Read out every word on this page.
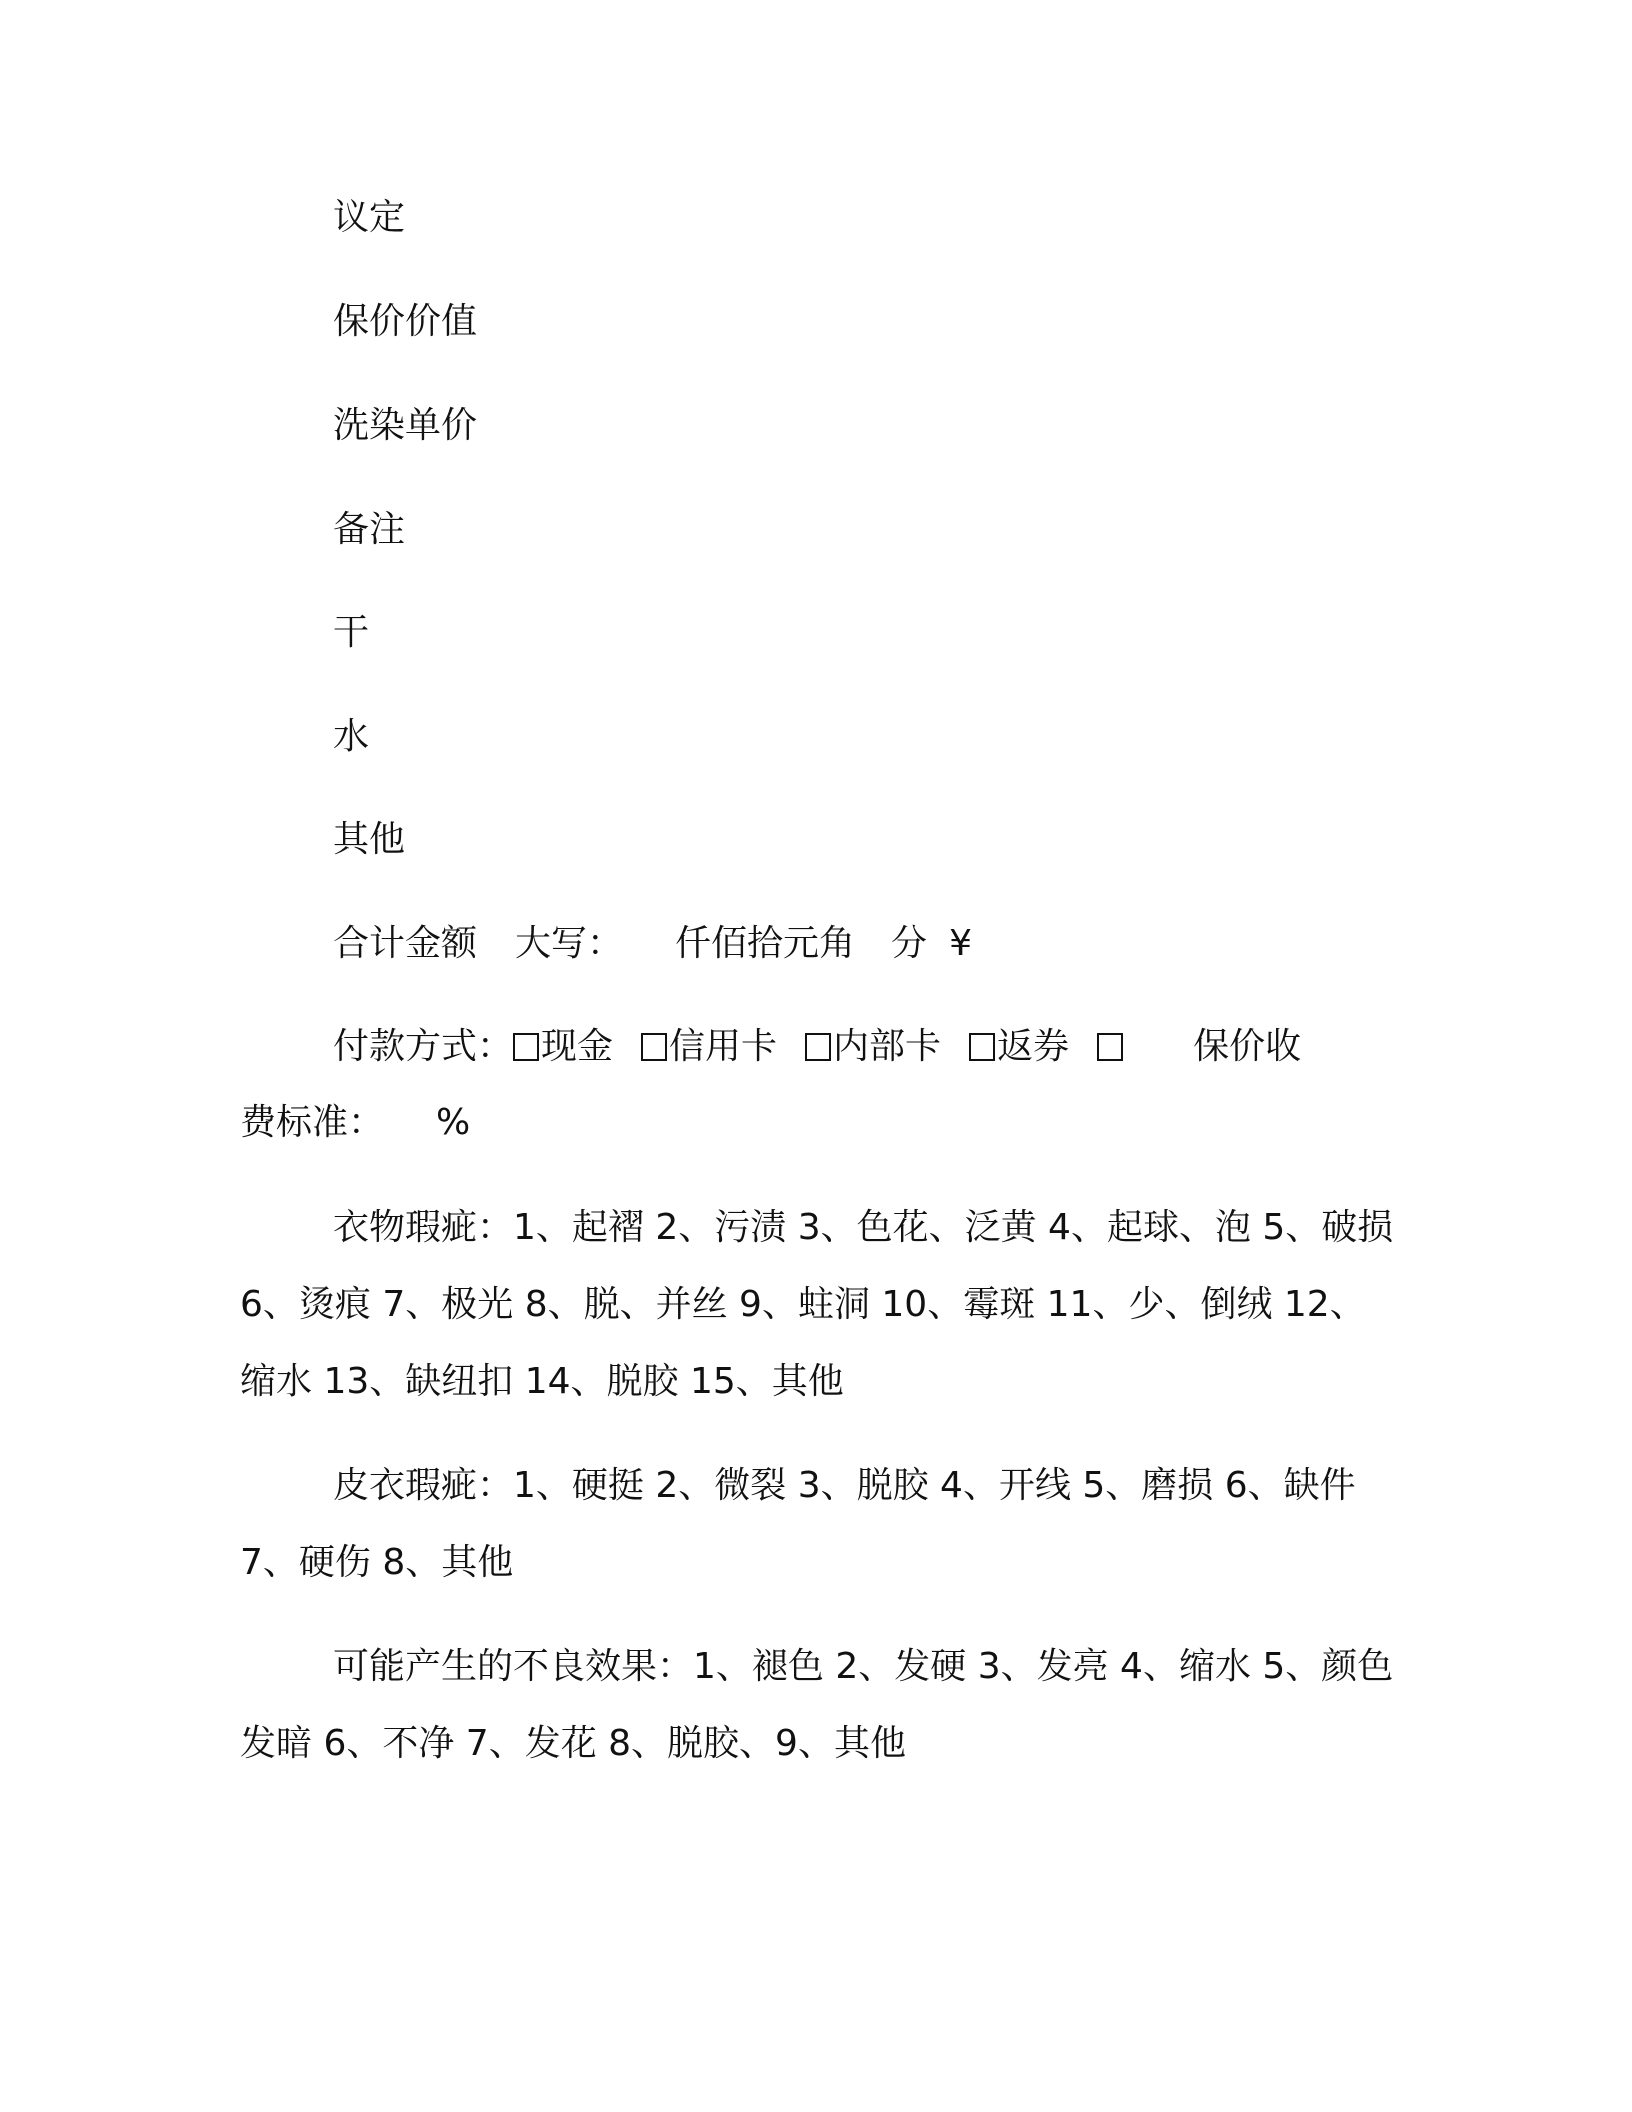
议定
保价价值
洗染单价
备注
干
水
其他
合计金额 大写： 仟佰拾元角 分 ¥
付款方式： 现金 信用卡 内部卡 返券	保价收
费标准： %
衣物瑕疵：1、起褶 2、污渍 3、色花、泛黄 4、起球、泡 5、破损 6、烫痕 7、极光 8、脱、并丝 9、蛀洞 10、霉斑 11、少、倒绒 12、缩水 13、缺纽扣 14、脱胶 15、其他
皮衣瑕疵：1、硬挺 2、微裂 3、脱胶 4、开线 5、磨损 6、缺件 7、硬伤 8、其他
可能产生的不良效果：1、褪色 2、发硬 3、发亮 4、缩水 5、颜色发暗 6、不净 7、发花 8、脱胶、9、其他
